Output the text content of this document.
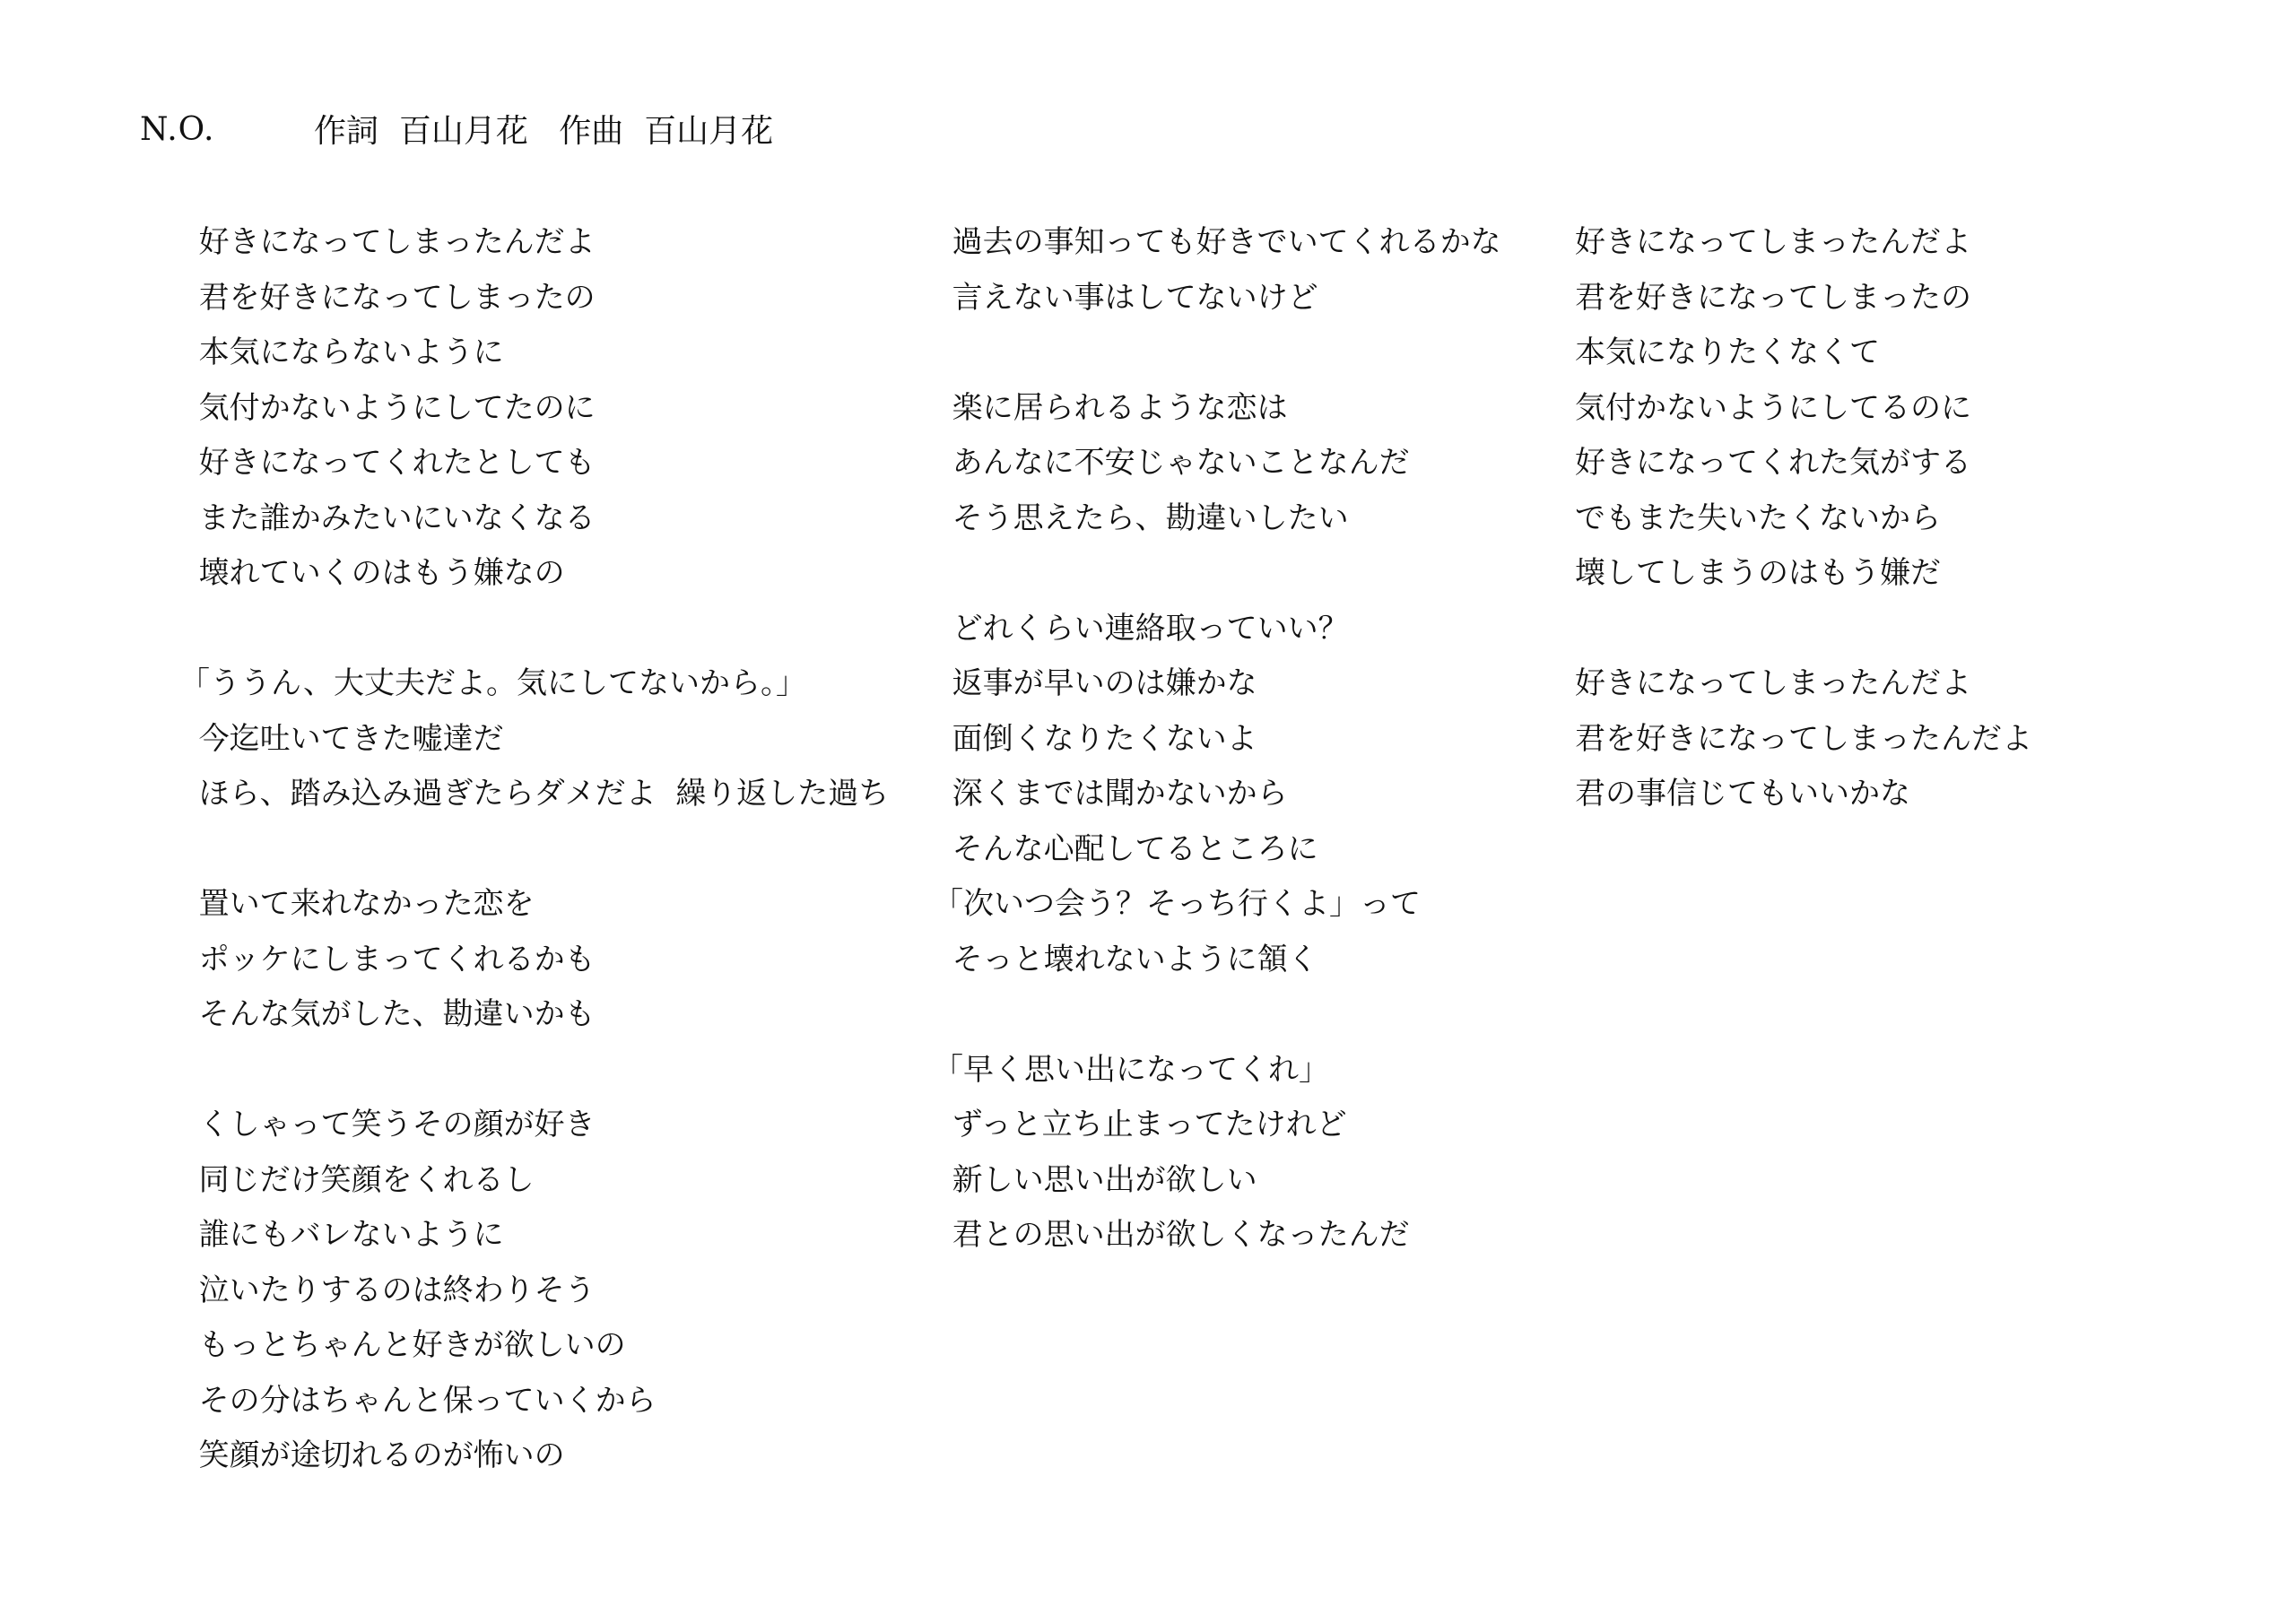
N.O.	作詞  百山月花   作曲  百山月花
好きになってしまったんだよ
君を好きになってしまったの
本気にならないように
気付かないようにしてたのに
好きになってくれたとしても
また誰かみたいにいなくなる
壊れていくのはもう嫌なの
「ううん、大丈夫だよ。気にしてないから。」
今迄吐いてきた嘘達だ
ほら、踏み込み過ぎたらダメだよ  繰り返した過ち
置いて来れなかった恋を
ポッケにしまってくれるかも
そんな気がした、勘違いかも
くしゃって笑うその顔が好き
同じだけ笑顔をくれるし
誰にもバレないように
泣いたりするのは終わりそう
もっとちゃんと好きが欲しいの
その分はちゃんと保っていくから
笑顔が途切れるのが怖いの
過去の事知っても好きでいてくれるかな
言えない事はしてないけど
楽に居られるような恋は
あんなに不安じゃないことなんだ
そう思えたら、勘違いしたい
どれくらい連絡取っていい？
返事が早いのは嫌かな
面倒くなりたくないよ
深くまでは聞かないから
そんな心配してるところに
「次いつ会う？そっち行くよ」って
そっと壊れないように頷く
「早く思い出になってくれ」
ずっと立ち止まってたけれど
新しい思い出が欲しい
君との思い出が欲しくなったんだ
好きになってしまったんだよ
君を好きになってしまったの
本気になりたくなくて
気付かないようにしてるのに
好きになってくれた気がする
でもまた失いたくないから
壊してしまうのはもう嫌だ
好きになってしまったんだよ
君を好きになってしまったんだよ
君の事信じてもいいかな
